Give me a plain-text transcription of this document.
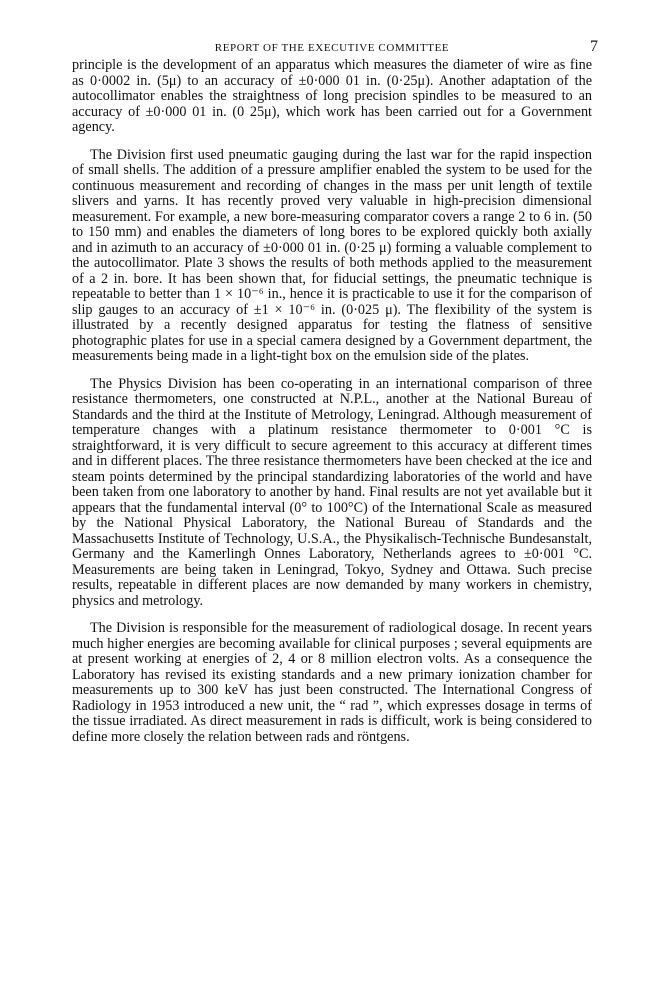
REPORT OF THE EXECUTIVE COMMITTEE	7

principle is the development of an apparatus which measures the diameter of wire as fine as 0·0002 in. (5μ) to an accuracy of ±0·000 01 in. (0·25μ). Another adaptation of the autocollimator enables the straightness of long precision spindles to be measured to an accuracy of ±0·000 01 in. (0 25μ), which work has been carried out for a Government agency.

The Division first used pneumatic gauging during the last war for the rapid inspection of small shells. The addition of a pressure amplifier enabled the system to be used for the continuous measurement and recording of changes in the mass per unit length of textile slivers and yarns. It has recently proved very valuable in high-precision dimensional measurement. For example, a new bore-measuring comparator covers a range 2 to 6 in. (50 to 150 mm) and enables the diameters of long bores to be explored quickly both axially and in azimuth to an accuracy of ±0·000 01 in. (0·25 μ) forming a valuable complement to the autocollimator. Plate 3 shows the results of both methods applied to the measurement of a 2 in. bore. It has been shown that, for fiducial settings, the pneumatic technique is repeatable to better than 1 × 10⁻⁶ in., hence it is practicable to use it for the comparison of slip gauges to an accuracy of ±1 × 10⁻⁶ in. (0·025 μ). The flexibility of the system is illustrated by a recently designed apparatus for testing the flatness of sensitive photographic plates for use in a special camera designed by a Government department, the measurements being made in a light-tight box on the emulsion side of the plates.

The Physics Division has been co-operating in an international comparison of three resistance thermometers, one constructed at N.P.L., another at the National Bureau of Standards and the third at the Institute of Metrology, Leningrad. Although measurement of temperature changes with a platinum resistance thermometer to 0·001 °C is straightforward, it is very difficult to secure agreement to this accuracy at different times and in different places. The three resistance thermometers have been checked at the ice and steam points determined by the principal standardizing laboratories of the world and have been taken from one laboratory to another by hand. Final results are not yet available but it appears that the fundamental interval (0° to 100°C) of the International Scale as measured by the National Physical Laboratory, the National Bureau of Standards and the Massachusetts Institute of Technology, U.S.A., the Physikalisch-Technische Bundesanstalt, Germany and the Kamerlingh Onnes Laboratory, Netherlands agrees to ±0·001 °C. Measurements are being taken in Leningrad, Tokyo, Sydney and Ottawa. Such precise results, repeatable in different places are now demanded by many workers in chemistry, physics and metrology.

The Division is responsible for the measurement of radiological dosage. In recent years much higher energies are becoming available for clinical purposes ; several equipments are at present working at energies of 2, 4 or 8 million electron volts. As a consequence the Laboratory has revised its existing standards and a new primary ionization chamber for measurements up to 300 keV has just been constructed. The International Congress of Radiology in 1953 introduced a new unit, the “ rad ”, which expresses dosage in terms of the tissue irradiated. As direct measurement in rads is difficult, work is being considered to define more closely the relation between rads and röntgens.
